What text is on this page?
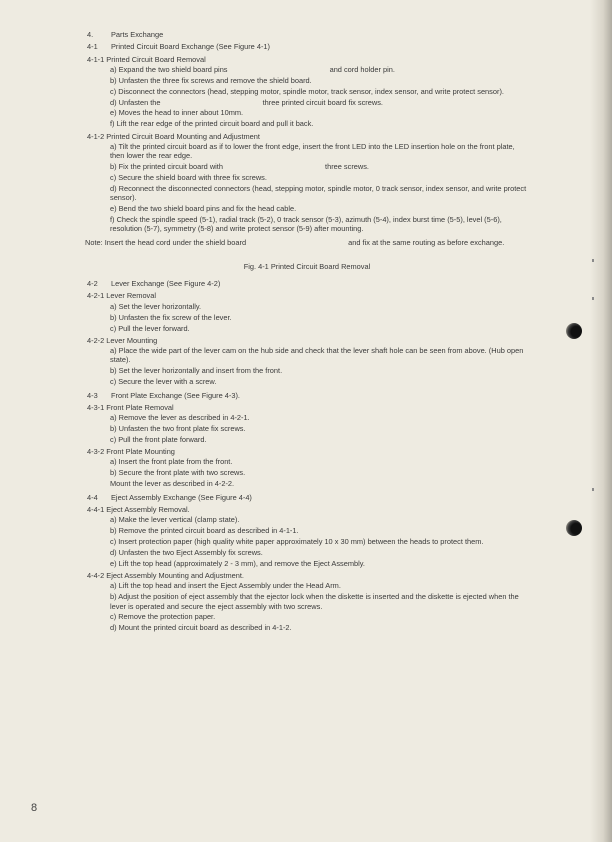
4.	Parts Exchange
4-1	Printed Circuit Board Exchange (See Figure 4-1)
4-1-1 Printed Circuit Board Removal
a) Expand the two shield board pins	and cord holder pin.
b) Unfasten the three fix screws and remove the shield board.
c) Disconnect the connectors (head, stepping motor, spindle motor, track sensor, index sensor, and write protect sensor).
d) Unfasten the	three printed circuit board fix screws.
e) Moves the head to inner about 10mm.
f) Lift the rear edge of the printed circuit board and pull it back.
4-1-2 Printed Circuit Board Mounting and Adjustment
a) Tilt the printed circuit board as if to lower the front edge, insert the front LED into the LED insertion hole on the front plate, then lower the rear edge.
b) Fix the printed circuit board with	three screws.
c) Secure the shield board with three fix screws.
d) Reconnect the disconnected connectors (head, stepping motor, spindle motor, 0 track sensor, index sensor, and write protect sensor).
e) Bend the two shield board pins and fix the head cable.
f) Check the spindle speed (5-1), radial track (5-2), 0 track sensor (5-3), azimuth (5-4), index burst time (5-5), level (5-6), resolution (5-7), symmetry (5-8) and write protect sensor (5-9) after mounting.
Note: Insert the head cord under the shield board	and fix at the same routing as before exchange.
Fig. 4-1 Printed Circuit Board Removal
4-2	Lever Exchange (See Figure 4-2)
4-2-1 Lever Removal
a) Set the lever horizontally.
b) Unfasten the fix screw of the lever.
c) Pull the lever forward.
4-2-2 Lever Mounting
a) Place the wide part of the lever cam on the hub side and check that the lever shaft hole can be seen from above. (Hub open state).
b) Set the lever horizontally and insert from the front.
c) Secure the lever with a screw.
4-3	Front Plate Exchange (See Figure 4-3).
4-3-1 Front Plate Removal
a) Remove the lever as described in 4-2-1.
b) Unfasten the two front plate fix screws.
c) Pull the front plate forward.
4-3-2 Front Plate Mounting
a) Insert the front plate from the front.
b) Secure the front plate with two screws.
Mount the lever as described in 4-2-2.
4-4	Eject Assembly Exchange (See Figure 4-4)
4-4-1 Eject Assembly Removal.
a) Make the lever vertical (clamp state).
b) Remove the printed circuit board as described in 4-1-1.
c) Insert protection paper (high quality white paper approximately 10 x 30 mm) between the heads to protect them.
d) Unfasten the two Eject Assembly fix screws.
e) Lift the top head (approximately 2 - 3 mm), and remove the Eject Assembly.
4-4-2 Eject Assembly Mounting and Adjustment.
a) Lift the top head and insert the Eject Assembly under the Head Arm.
b) Adjust the position of eject assembly that the ejector lock when the diskette is inserted and the diskette is ejected when the lever is operated and secure the eject assembly with two screws.
c) Remove the protection paper.
d) Mount the printed circuit board as described in 4-1-2.
8
